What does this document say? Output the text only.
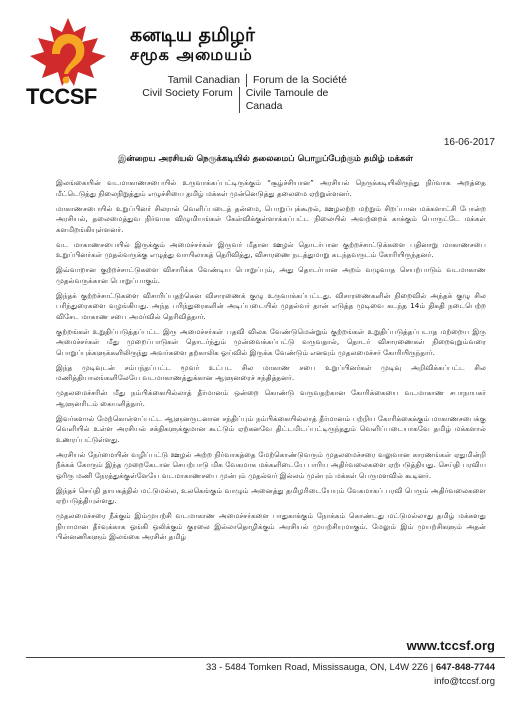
கனடிய தமிழர்
சமூக அமையம்
TCCSF
Tamil Canadian	Forum de la Société
Civil Society Forum	Civile Tamoule de Canada
16-06-2017
இன்றைய அரசியல் நெருக்கடியில் தலைமைப் பொறுப்பேற்கும் தமிழ் மக்கள்

இலங்கையின் வடமாகாணசபையில் உருவாக்கப்பட்டிருக்கும் “சூழ்ச்சியான” அரசியல் நெருக்கடியிலிருந்து நிர்வாக அறத்தை மீட்டெடுத்து நிலைநிறுத்தும் எழுச்சியை தமிழ் மக்கள் முன்னெடுத்து தலைமை ஏற்றுள்ளனர்.

மாகாணசபையில் உறுப்பினர் சிலரால் வெளிப்படைத் தன்மை, பொறுப்புக்கூறல், ஊழலற்ற மற்றும் சிறப்பான மக்களாட்சி போன்ற அரசியல், தலைமைத்துவ நிர்வாக விழுமியங்கள் கேள்விக்குள்ளாக்கப்பட்ட நிலையில் அவற்றைக் காக்கும் பொருட்டே மக்கள் களமிறங்கியுள்ளனர்.

வட மாகாணசபையில் இருக்கும் அமைச்சர்கள் இருவர் மீதான ஊழல் தொடர்பான குற்றச்சாட்டுக்களை பதினாறு மாகாணசபை உறுப்பினர்கள் முதல்வருக்கு எழுத்து வாயிலாகத் தெரிவித்து, விசாரணை நடத்துமாறு கடந்தவருடம் கோரியிருந்தனர்.

இவ்வாறான குற்றச்சாட்டுகளை விசாரிக்க வேண்டிய பொறுப்பும், அது தொடர்பான அறம் வழுவாத செயற்பாடும் வடமாகாண முதல்வருக்கான பொறுப்பாகும்.

இந்தக் குற்றச்சாட்டுகளை விசாரிப்பதற்கென விசாரணைக் குழு உருவாக்கப்பட்டது. விசாரணைகளின் நிறைவில் அந்தக் குழு சில பரிந்துரைகளை வழங்கியது. அந்த பரிந்துரைகளின் அடிப்படையில் முதல்வர் தான் எடுத்த முடிவை கடந்த 14ம் திகதி நடைபெற்ற விசேட மாகாண சபை அமர்வில் தெரிவித்தார்.

குற்றங்கள் உறுதிப்படுத்தப்பட்ட இரு அமைச்சர்கள் பதவி விலக வேண்டுமென்றும் குற்றங்கள் உறுதிப்படுத்தப்படாத மற்றைய இரு அமைச்சர்கள் மீது முறைப்பாடுகள் தொடர்ந்தும் முன்வைக்கப்பட்டு வருவதால், தொடர் விசாரணைகள் நிறைவுறும்வரை பொறுப்புக்களுக்களிலிருந்து அவர்களை தற்காலிக ஓய்வில் இருக்க வேண்டும் எனவும் முதலமைச்சர் கோரியிருந்தார்.

இந்த முடிவுடன் சம்பந்தப்பட்ட மூவர் உட்பட சில மாகாண சபை உறுப்பினர்கள் முடிவு அறிவிக்கப்பட்ட சில மணித்தியாலங்களிலேயே வடமாகாணத்துக்கான ஆளுனரைச் சந்தித்தனர்.

முதலமைச்சரின் மீது நம்பிக்கையில்லாத் தீர்மானம் ஒன்றை கொண்டு வருவதற்கான கோரிக்கையை வடமாகாண சபாநாயகர் ஆளுனரிடம் கையளித்தார்.

இவர்களால் மேற்கொள்ளப்பட்ட ஆளுனருடனான சந்திப்பும் நம்பிக்கையில்லாத் தீர்மானம் பற்றிய கோரிக்கைக்கும் மாகாணசபைக்கு வெளியில் உள்ள அரசியல் சக்திகளுக்குமான கூட்டும் ஏற்கனவே திட்டமிடப்பட்டிருந்ததும் வெளிப்படையாகவே தமிழ் மக்களால் உணரப்பட்டுள்ளது.

அரசியல் நேர்மையின் வழிப்பட்டு ஊழல் அற்ற நிர்வாகத்தை மேற்கொண்டுவரும் முதலமைச்சரை வலுவான காரணங்கள் ஏதுமின்றி நீக்கக் கோரும் இந்த முறைகேடான செயற்பாடு மிக வேகமாக மக்களிடையே பாரிய அதிர்வலைகளை ஏற்படுத்தியது. செய்தி பரவிய ஓரிரு மணி நேரத்துக்குள்ளேயே வடமாகாணசபை முன்பும் முதல்வர் இல்லம் முன்பும் மக்கள் பெருமளவில் கூடினர்.

இந்தச் செய்தி தாயகத்தில் மட்டுமல்ல, உலகெங்கும் வாழும் அனைத்து தமிழரிடையேயும் வேகமாகப் பரவி பெரும் அதிர்வலைகளை ஏற்படுத்தியுள்ளது.

முதலமைச்சரை நீக்கும் இம்முயற்சி வடமாகாண அமைச்சர்களை பாதுகாக்கும் நோக்கம் கொண்டது மட்டுமல்லாது தமிழ் மக்களது நியாமான தீர்வுக்காக ஓங்கி ஒலிக்கும் குரலை இல்லாதொழிக்கும் அரசியல் முயற்சியுமாகும். மேலும் இம் முயற்சிகளும் அதன் பின்னணிகளும் இலங்கை அரசின் தமிழ்

www.tccsf.org
33 - 5484 Tomken Road, Mississauga, ON, L4W 2Z6 | 647-848-7744
info@tccsf.org
